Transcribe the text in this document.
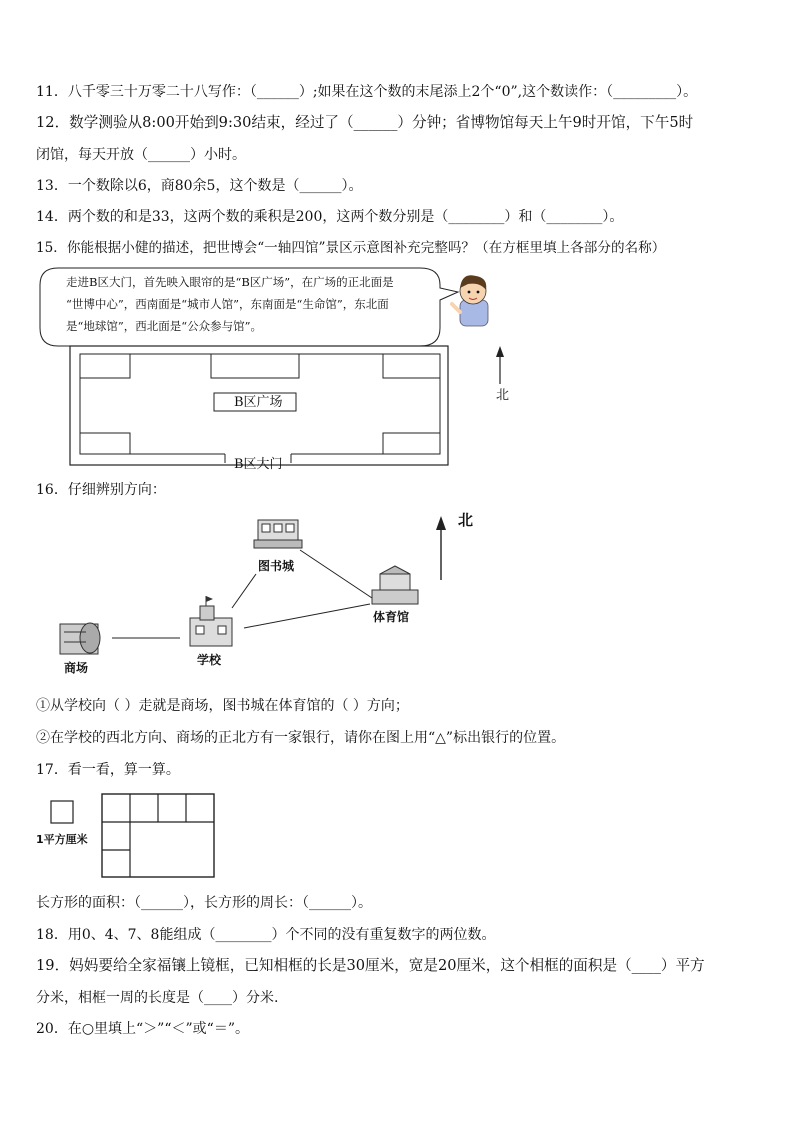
11．八千零三十万零二十八写作：（______）;如果在这个数的末尾添上2个“0”,这个数读作：（_________）。
12．数学测验从8:00开始到9:30结束，经过了（______）分钟；省博物馆每天上午9时开馆，下午5时
闭馆，每天开放（______）小时。
13．一个数除以6，商80余5，这个数是（______）。
14．两个数的和是33，这两个数的乘积是200，这两个数分别是（________）和（________）。
15．你能根据小健的描述，把世博会“一轴四馆”景区示意图补充完整吗？（在方框里填上各部分的名称）
走进B区大门，首先映入眼帘的是“B区广场”，在广场的正北面是
“世博中心”，西南面是“城市人馆”，东南面是“生命馆”，东北面
是“地球馆”，西北面是“公众参与馆”。
B区广场
B区大门
北
16．仔细辨别方向：
北
图书城
体育馆
商场
学校
①从学校向（ ）走就是商场，图书城在体育馆的（ ）方向；
②在学校的西北方向、商场的正北方有一家银行，请你在图上用“△”标出银行的位置。
17．看一看，算一算。
1平方厘米
长方形的面积：（______），长方形的周长：（______）。
18．用0、4、7、8能组成（________）个不同的没有重复数字的两位数。
19．妈妈要给全家福镶上镜框，已知相框的长是30厘米，宽是20厘米，这个相框的面积是（____）平方
分米，相框一周的长度是（____）分米.
20．在○里填上“＞”“＜”或“＝”。
